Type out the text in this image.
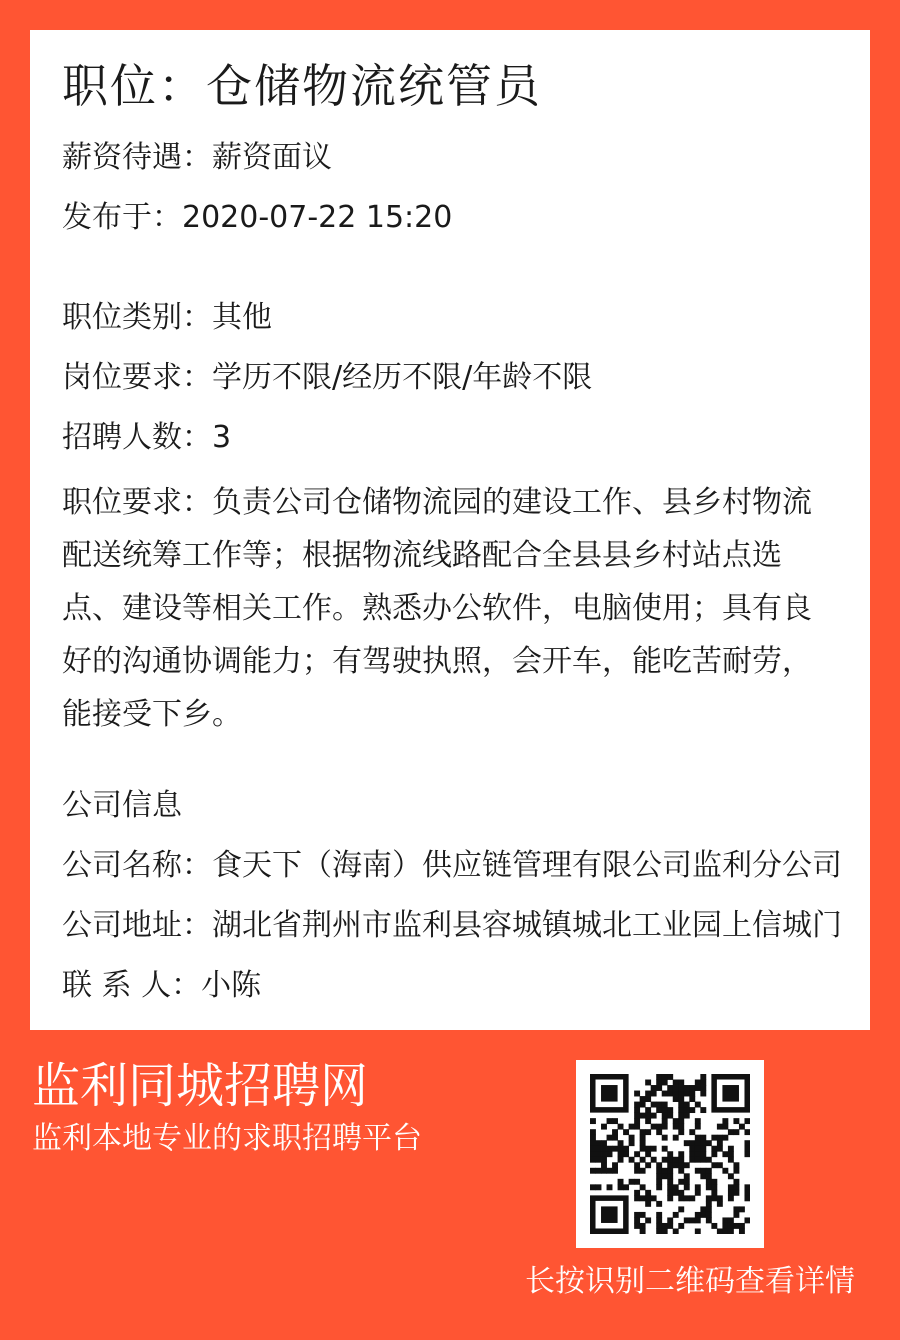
职位：仓储物流统管员
薪资待遇：薪资面议
发布于：2020-07-22 15:20
职位类别：其他
岗位要求：学历不限/经历不限/年龄不限
招聘人数：3
职位要求：负责公司仓储物流园的建设工作、县乡村物流配送统筹工作等；根据物流线路配合全县县乡村站点选点、建设等相关工作。熟悉办公软件，电脑使用；具有良好的沟通协调能力；有驾驶执照，会开车，能吃苦耐劳，能接受下乡。
公司信息
公司名称：食天下（海南）供应链管理有限公司监利分公司
公司地址：湖北省荆州市监利县容城镇城北工业园上信城门
联 系 人：小陈
监利同城招聘网
监利本地专业的求职招聘平台
长按识别二维码查看详情
